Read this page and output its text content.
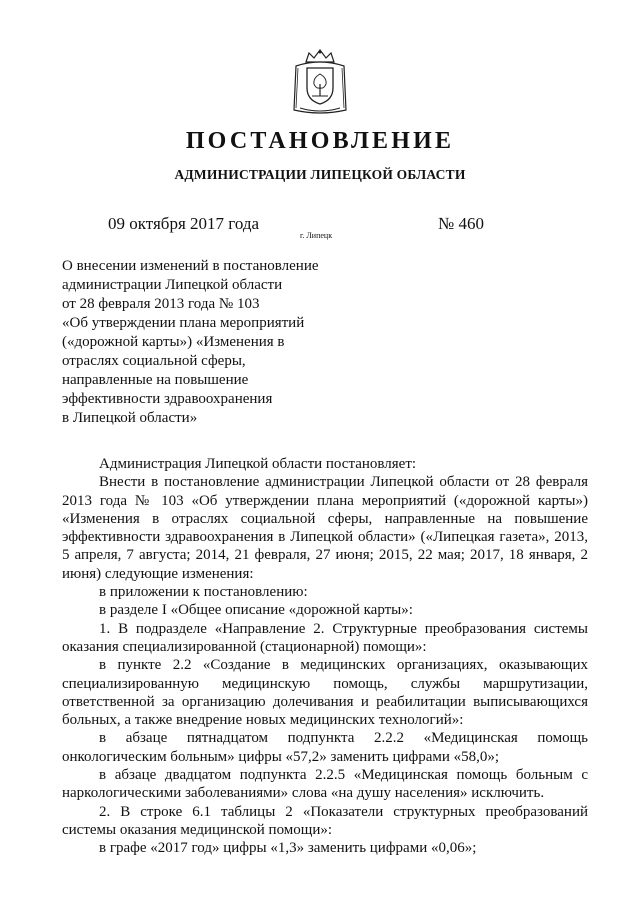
ПОСТАНОВЛЕНИЕ
АДМИНИСТРАЦИИ ЛИПЕЦКОЙ ОБЛАСТИ
09 октября 2017 года
г. Липецк
№ 460
О внесении изменений в постановление
администрации Липецкой области
от 28 февраля 2013 года № 103
«Об утверждении плана мероприятий
(«дорожной карты») «Изменения в
отраслях социальной сферы,
направленные на повышение
эффективности здравоохранения
в Липецкой области»

Администрация Липецкой области постановляет:

Внести в постановление администрации Липецкой области от 28 февраля 2013 года № 103 «Об утверждении плана мероприятий («дорожной карты») «Изменения в отраслях социальной сферы, направленные на повышение эффективности здравоохранения в Липецкой области» («Липецкая газета», 2013, 5 апреля, 7 августа; 2014, 21 февраля, 27 июня; 2015, 22 мая; 2017, 18 января, 2 июня) следующие изменения:

в приложении к постановлению:

в разделе I «Общее описание «дорожной карты»:

1. В подразделе «Направление 2. Структурные преобразования системы оказания специализированной (стационарной) помощи»:

в пункте 2.2 «Создание в медицинских организациях, оказывающих специализированную медицинскую помощь, службы маршрутизации, ответственной за организацию долечивания и реабилитации выписывающихся больных, а также внедрение новых медицинских технологий»:

в абзаце пятнадцатом подпункта 2.2.2 «Медицинская помощь онкологическим больным» цифры «57,2» заменить цифрами «58,0»;

в абзаце двадцатом подпункта 2.2.5 «Медицинская помощь больным с наркологическими заболеваниями» слова «на душу населения» исключить.

2. В строке 6.1 таблицы 2 «Показатели структурных преобразований системы оказания медицинской помощи»:

в графе «2017 год» цифры «1,3» заменить цифрами «0,06»;
